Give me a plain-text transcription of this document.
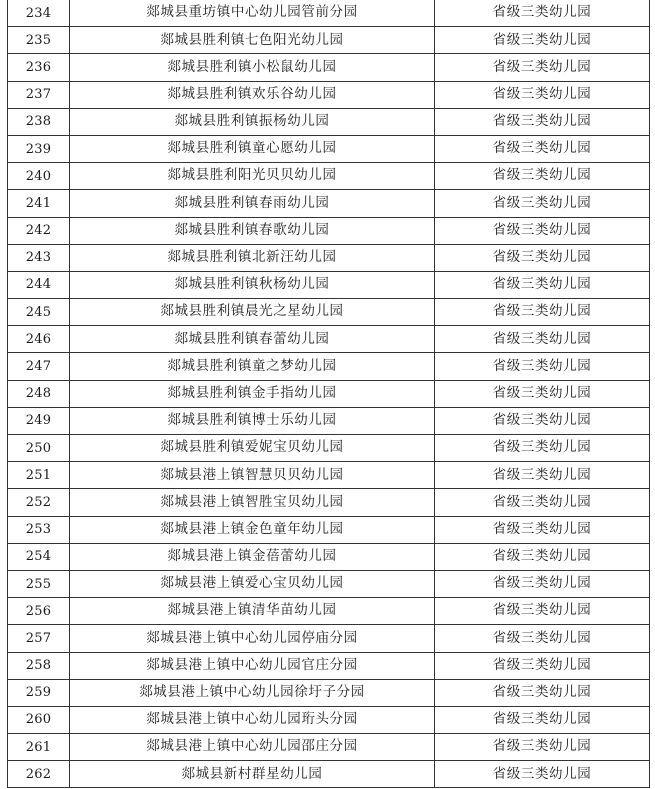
234	郯城县重坊镇中心幼儿园管前分园	省级三类幼儿园
235	郯城县胜利镇七色阳光幼儿园	省级三类幼儿园
236	郯城县胜利镇小松鼠幼儿园	省级三类幼儿园
237	郯城县胜利镇欢乐谷幼儿园	省级三类幼儿园
238	郯城县胜利镇振杨幼儿园	省级三类幼儿园
239	郯城县胜利镇童心愿幼儿园	省级三类幼儿园
240	郯城县胜利阳光贝贝幼儿园	省级三类幼儿园
241	郯城县胜利镇春雨幼儿园	省级三类幼儿园
242	郯城县胜利镇春歌幼儿园	省级三类幼儿园
243	郯城县胜利镇北新汪幼儿园	省级三类幼儿园
244	郯城县胜利镇秋杨幼儿园	省级三类幼儿园
245	郯城县胜利镇晨光之星幼儿园	省级三类幼儿园
246	郯城县胜利镇春蕾幼儿园	省级三类幼儿园
247	郯城县胜利镇童之梦幼儿园	省级三类幼儿园
248	郯城县胜利镇金手指幼儿园	省级三类幼儿园
249	郯城县胜利镇博士乐幼儿园	省级三类幼儿园
250	郯城县胜利镇爱妮宝贝幼儿园	省级三类幼儿园
251	郯城县港上镇智慧贝贝幼儿园	省级三类幼儿园
252	郯城县港上镇智胜宝贝幼儿园	省级三类幼儿园
253	郯城县港上镇金色童年幼儿园	省级三类幼儿园
254	郯城县港上镇金蓓蕾幼儿园	省级三类幼儿园
255	郯城县港上镇爱心宝贝幼儿园	省级三类幼儿园
256	郯城县港上镇清华苗幼儿园	省级三类幼儿园
257	郯城县港上镇中心幼儿园停庙分园	省级三类幼儿园
258	郯城县港上镇中心幼儿园官庄分园	省级三类幼儿园
259	郯城县港上镇中心幼儿园徐圩子分园	省级三类幼儿园
260	郯城县港上镇中心幼儿园珩头分园	省级三类幼儿园
261	郯城县港上镇中心幼儿园邵庄分园	省级三类幼儿园
262	郯城县新村群星幼儿园	省级三类幼儿园
